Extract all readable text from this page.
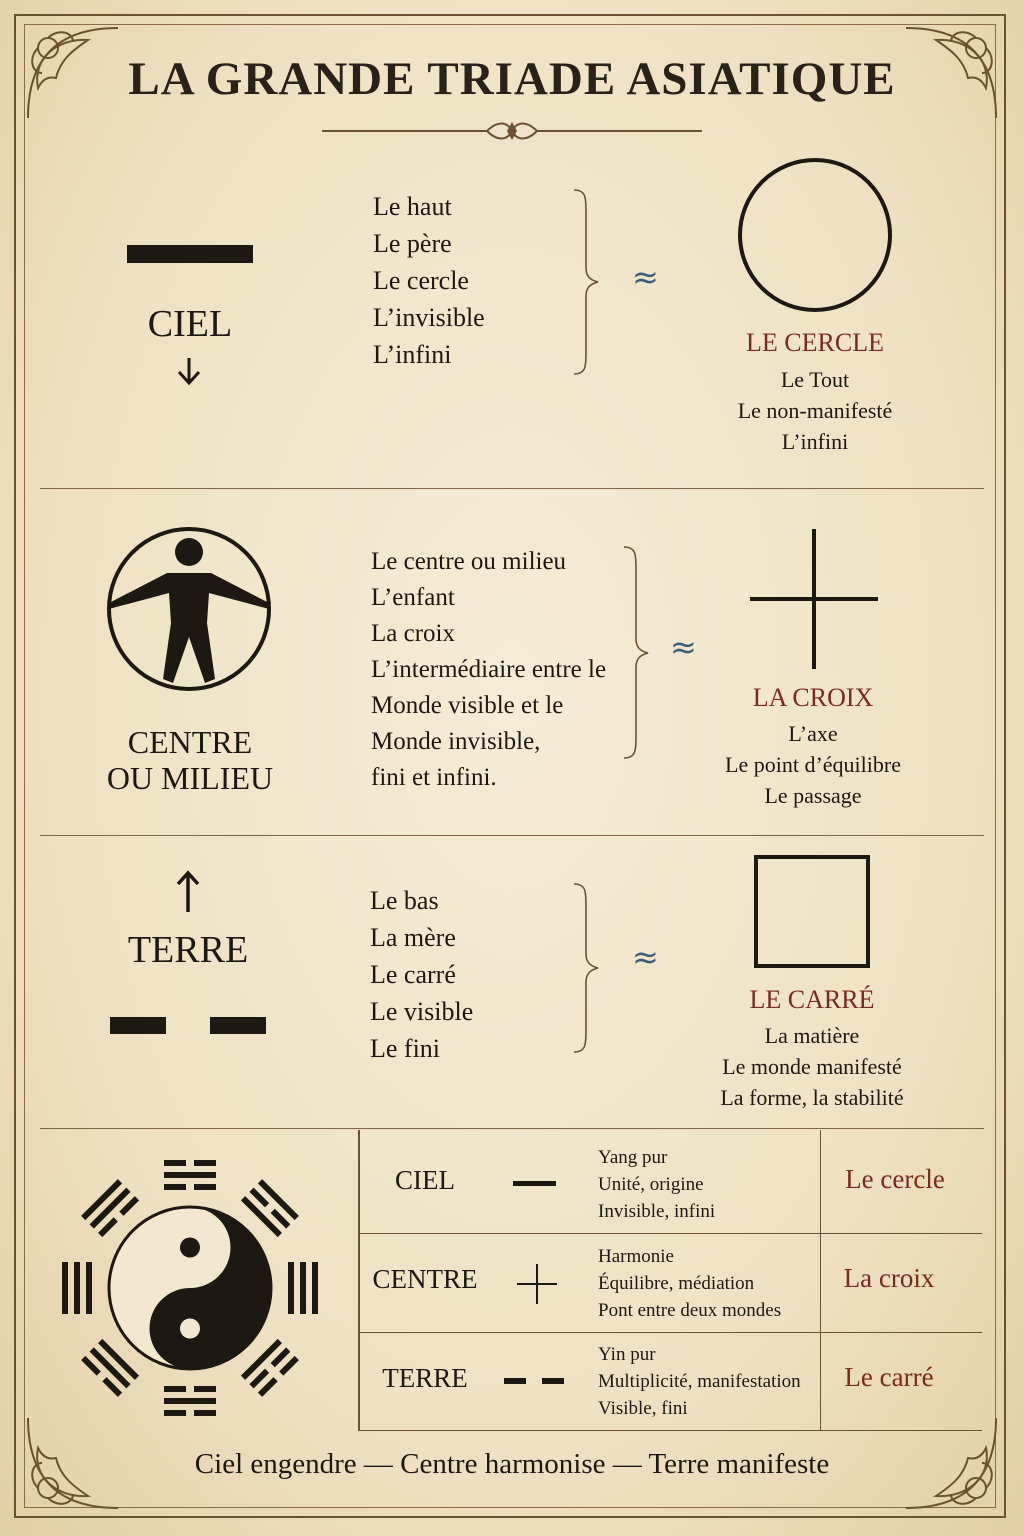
LA GRANDE TRIADE ASIATIQUE
CIEL
Le haut
Le père
Le cercle
L’invisible
L’infini
≈
LE CERCLE
Le Tout
Le non-manifesté
L’infini
CENTRE
OU MILIEU
Le centre ou milieu
L’enfant
La croix
L’intermédiaire entre le
Monde visible et le
Monde invisible,
fini et infini.
≈
LA CROIX
L’axe
Le point d’équilibre
Le passage
TERRE
Le bas
La mère
Le carré
Le visible
Le fini
≈
LE CARRÉ
La matière
Le monde manifesté
La forme, la stabilité
CIEL
Yang pur
Unité, origine
Invisible, infini
Le cercle
CENTRE
Harmonie
Équilibre, médiation
Pont entre deux mondes
La croix
TERRE
Yin pur
Multiplicité, manifestation
Visible, fini
Le carré
Ciel engendre — Centre harmonise — Terre manifeste
